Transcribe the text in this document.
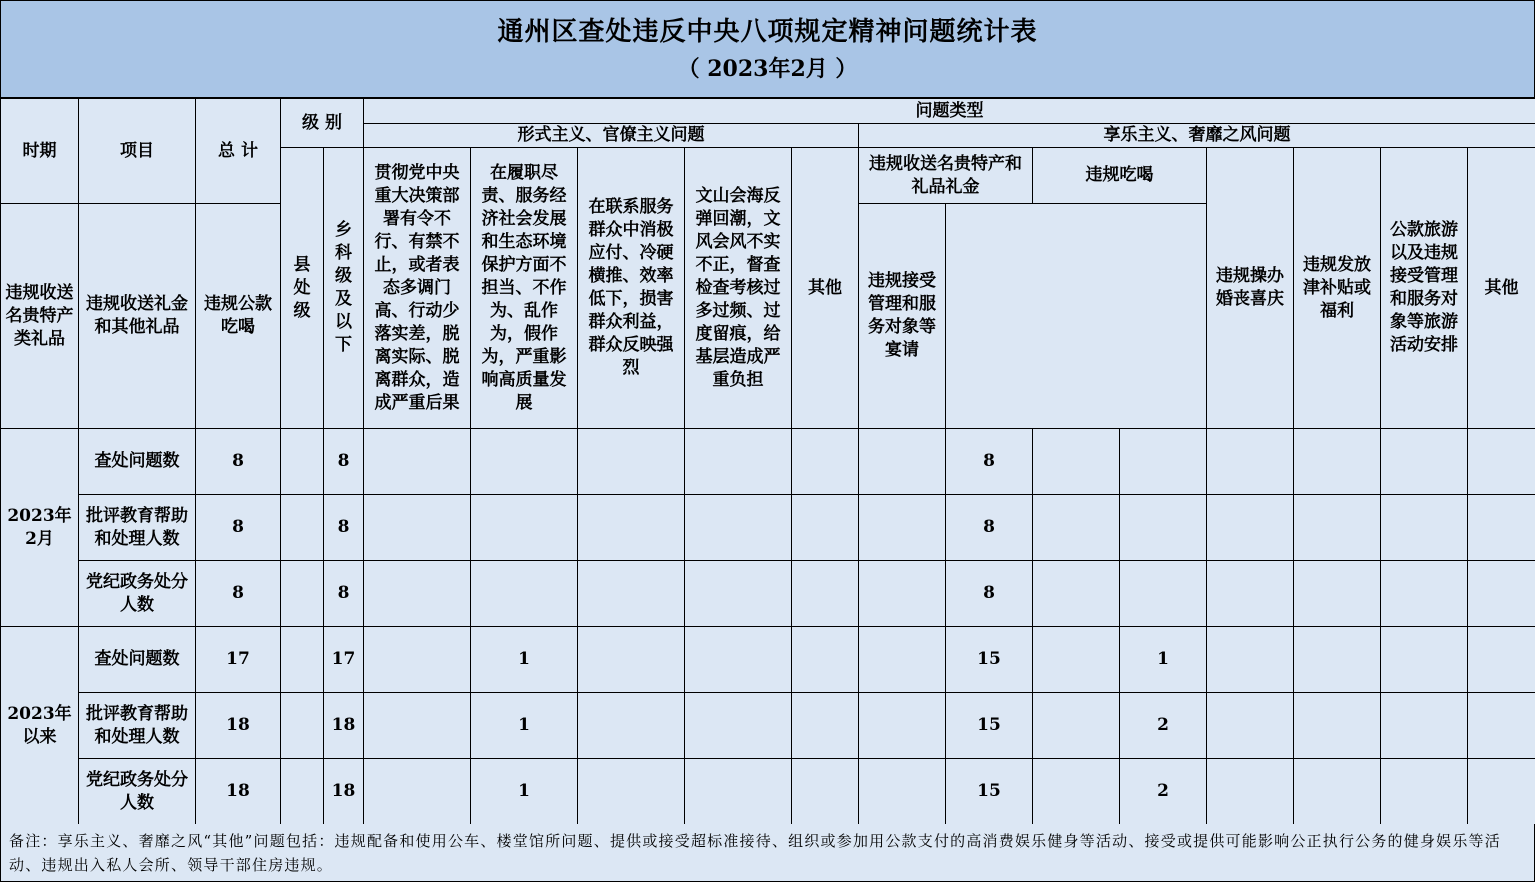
通州区查处违反中央八项规定精神问题统计表
（ 2023年2月 ）
时期	项目	总 计	级 别		问题类型												
					形式主义、官僚主义问题					享乐主义、奢靡之风问题							
			县处级	乡科级及以下	贯彻党中央重大决策部署有令不行、有禁不止，或者表态多调门高、行动少落实差，脱离实际、脱离群众，造成严重后果	在履职尽责、服务经济社会发展和生态环境保护方面不担当、不作为、乱作为，假作为，严重影响高质量发展	在联系服务群众中消极应付、冷硬横推、效率低下，损害群众利益，群众反映强烈	文山会海反弹回潮，文风会风不实不正，督查检查考核过多过频、过度留痕，给基层造成严重负担	其他	违规收送名贵特产和礼品礼金		违规吃喝		违规操办婚丧喜庆	违规发放津补贴或福利	公款旅游以及违规接受管理和服务对象等旅游活动安排	其他
违规收送名贵特产类礼品	违规收送礼金和其他礼品	违规公款吃喝								违规接受管理和服务对象等宴请							
2023年
2月	查处问题数	8		8							8						
	批评教育帮助和处理人数	8		8							8						
	党纪政务处分人数	8		8							8						
2023年
以来	查处问题数	17		17		1					15		1				
	批评教育帮助和处理人数	18		18		1					15		2				
	党纪政务处分人数	18		18		1					15		2				
备注：享乐主义、奢靡之风“其他”问题包括：违规配备和使用公车、楼堂馆所问题、提供或接受超标准接待、组织或参加用公款支付的高消费娱乐健身等活动、接受或提供可能影响公正执行公务的健身娱乐等活动、违规出入私人会所、领导干部住房违规。
